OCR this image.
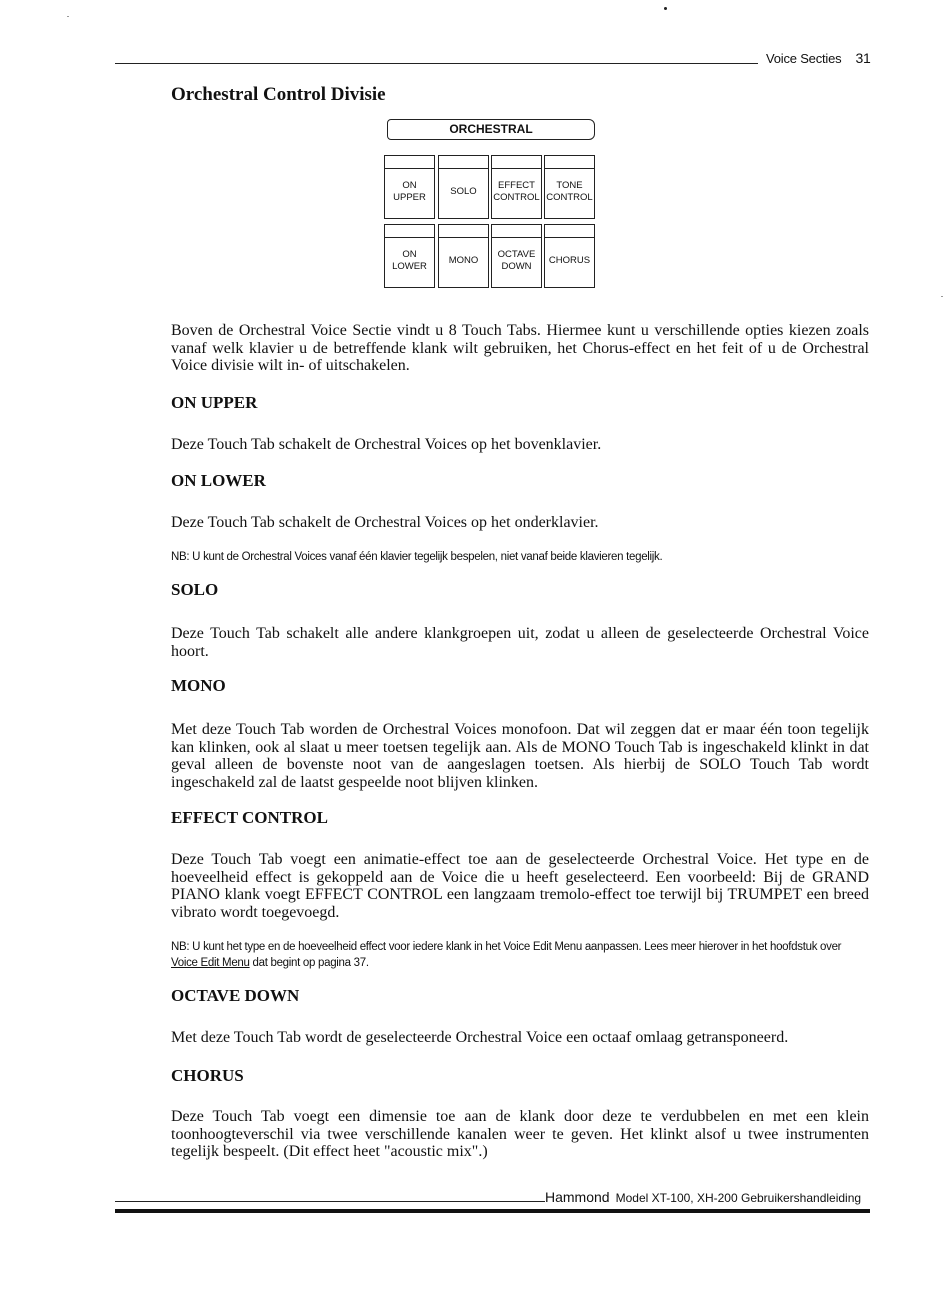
Voice Secties 31
Orchestral Control Divisie
ORCHESTRAL
ON
UPPER
SOLO
EFFECT
CONTROL
TONE
CONTROL
ON
LOWER
MONO
OCTAVE
DOWN
CHORUS
Boven de Orchestral Voice Sectie vindt u 8 Touch Tabs. Hiermee kunt u verschillende opties kiezen zoals vanaf welk klavier u de betreffende klank wilt gebruiken, het Chorus-effect en het feit of u de Orchestral Voice divisie wilt in- of uitschakelen.
ON UPPER
Deze Touch Tab schakelt de Orchestral Voices op het bovenklavier.
ON LOWER
Deze Touch Tab schakelt de Orchestral Voices op het onderklavier.
NB: U kunt de Orchestral Voices vanaf één klavier tegelijk bespelen, niet vanaf beide klavieren tegelijk.
SOLO
Deze Touch Tab schakelt alle andere klankgroepen uit, zodat u alleen de geselecteerde Orchestral Voice hoort.
MONO
Met deze Touch Tab worden de Orchestral Voices monofoon. Dat wil zeggen dat er maar één toon tegelijk kan klinken, ook al slaat u meer toetsen tegelijk aan. Als de MONO Touch Tab is ingeschakeld klinkt in dat geval alleen de bovenste noot van de aangeslagen toetsen. Als hierbij de SOLO Touch Tab wordt ingeschakeld zal de laatst gespeelde noot blijven klinken.
EFFECT CONTROL
Deze Touch Tab voegt een animatie-effect toe aan de geselecteerde Orchestral Voice. Het type en de hoeveelheid effect is gekoppeld aan de Voice die u heeft geselecteerd. Een voorbeeld: Bij de GRAND PIANO klank voegt EFFECT CONTROL een langzaam tremolo-effect toe terwijl bij TRUMPET een breed vibrato wordt toegevoegd.
NB: U kunt het type en de hoeveelheid effect voor iedere klank in het Voice Edit Menu aanpassen. Lees meer hierover in het hoofdstuk over Voice Edit Menu dat begint op pagina 37.
OCTAVE DOWN
Met deze Touch Tab wordt de geselecteerde Orchestral Voice een octaaf omlaag getransponeerd.
CHORUS
Deze Touch Tab voegt een dimensie toe aan de klank door deze te verdubbelen en met een klein toonhoogteverschil via twee verschillende kanalen weer te geven. Het klinkt alsof u twee instrumenten tegelijk bespeelt. (Dit effect heet "acoustic mix".)
Hammond Model XT-100, XH-200 Gebruikershandleiding
